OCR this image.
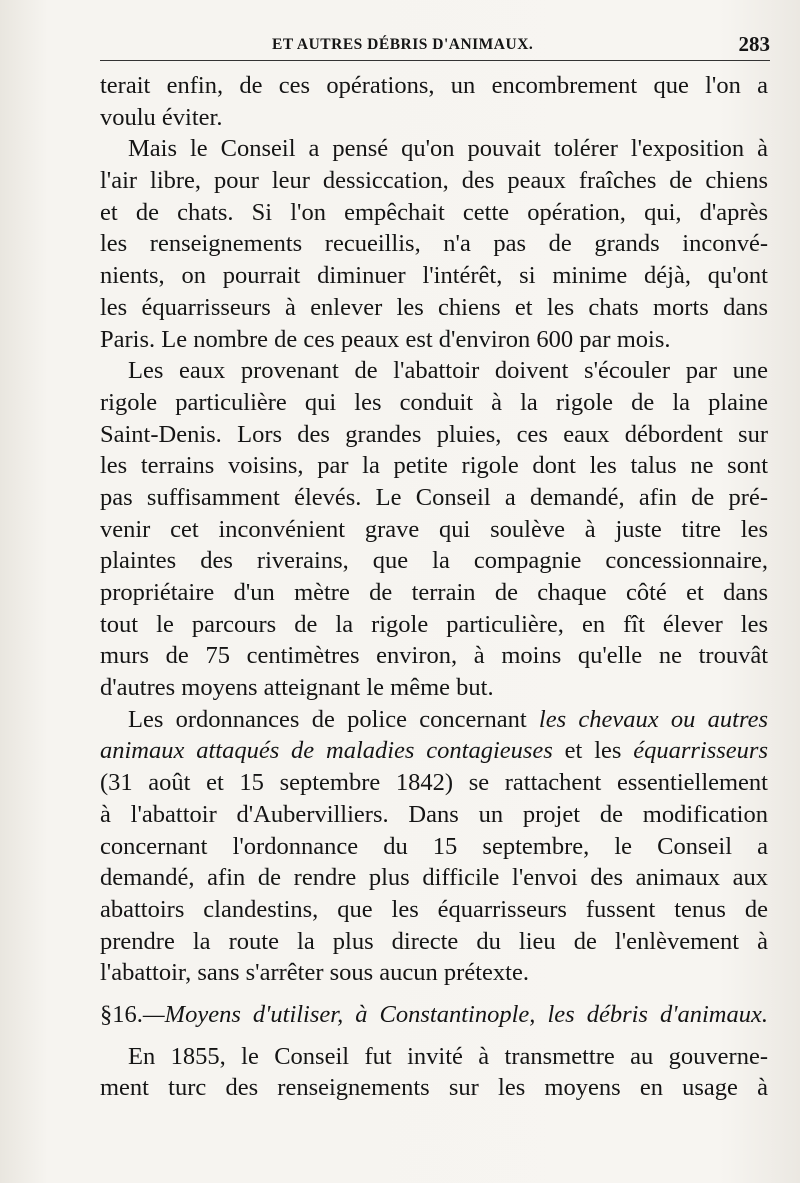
ET AUTRES DÉBRIS D'ANIMAUX.	283
terait enfin, de ces opérations, un encombrement que l'on a
voulu éviter.
Mais le Conseil a pensé qu'on pouvait tolérer l'exposition à
l'air libre, pour leur dessiccation, des peaux fraîches de chiens
et de chats. Si l'on empêchait cette opération, qui, d'après
les renseignements recueillis, n'a pas de grands inconvé-
nients, on pourrait diminuer l'intérêt, si minime déjà, qu'ont
les équarrisseurs à enlever les chiens et les chats morts dans
Paris. Le nombre de ces peaux est d'environ 600 par mois.
Les eaux provenant de l'abattoir doivent s'écouler par une
rigole particulière qui les conduit à la rigole de la plaine
Saint-Denis. Lors des grandes pluies, ces eaux débordent sur
les terrains voisins, par la petite rigole dont les talus ne sont
pas suffisamment élevés. Le Conseil a demandé, afin de pré-
venir cet inconvénient grave qui soulève à juste titre les
plaintes des riverains, que la compagnie concessionnaire,
propriétaire d'un mètre de terrain de chaque côté et dans
tout le parcours de la rigole particulière, en fît élever les
murs de 75 centimètres environ, à moins qu'elle ne trouvât
d'autres moyens atteignant le même but.
Les ordonnances de police concernant les chevaux ou autres
animaux attaqués de maladies contagieuses et les équarrisseurs
(31 août et 15 septembre 1842) se rattachent essentiellement
à l'abattoir d'Aubervilliers. Dans un projet de modification
concernant l'ordonnance du 15 septembre, le Conseil a
demandé, afin de rendre plus difficile l'envoi des animaux aux
abattoirs clandestins, que les équarrisseurs fussent tenus de
prendre la route la plus directe du lieu de l'enlèvement à
l'abattoir, sans s'arrêter sous aucun prétexte.
§16.—Moyens d'utiliser, à Constantinople, les débris d'animaux.
En 1855, le Conseil fut invité à transmettre au gouverne-
ment turc des renseignements sur les moyens en usage à
